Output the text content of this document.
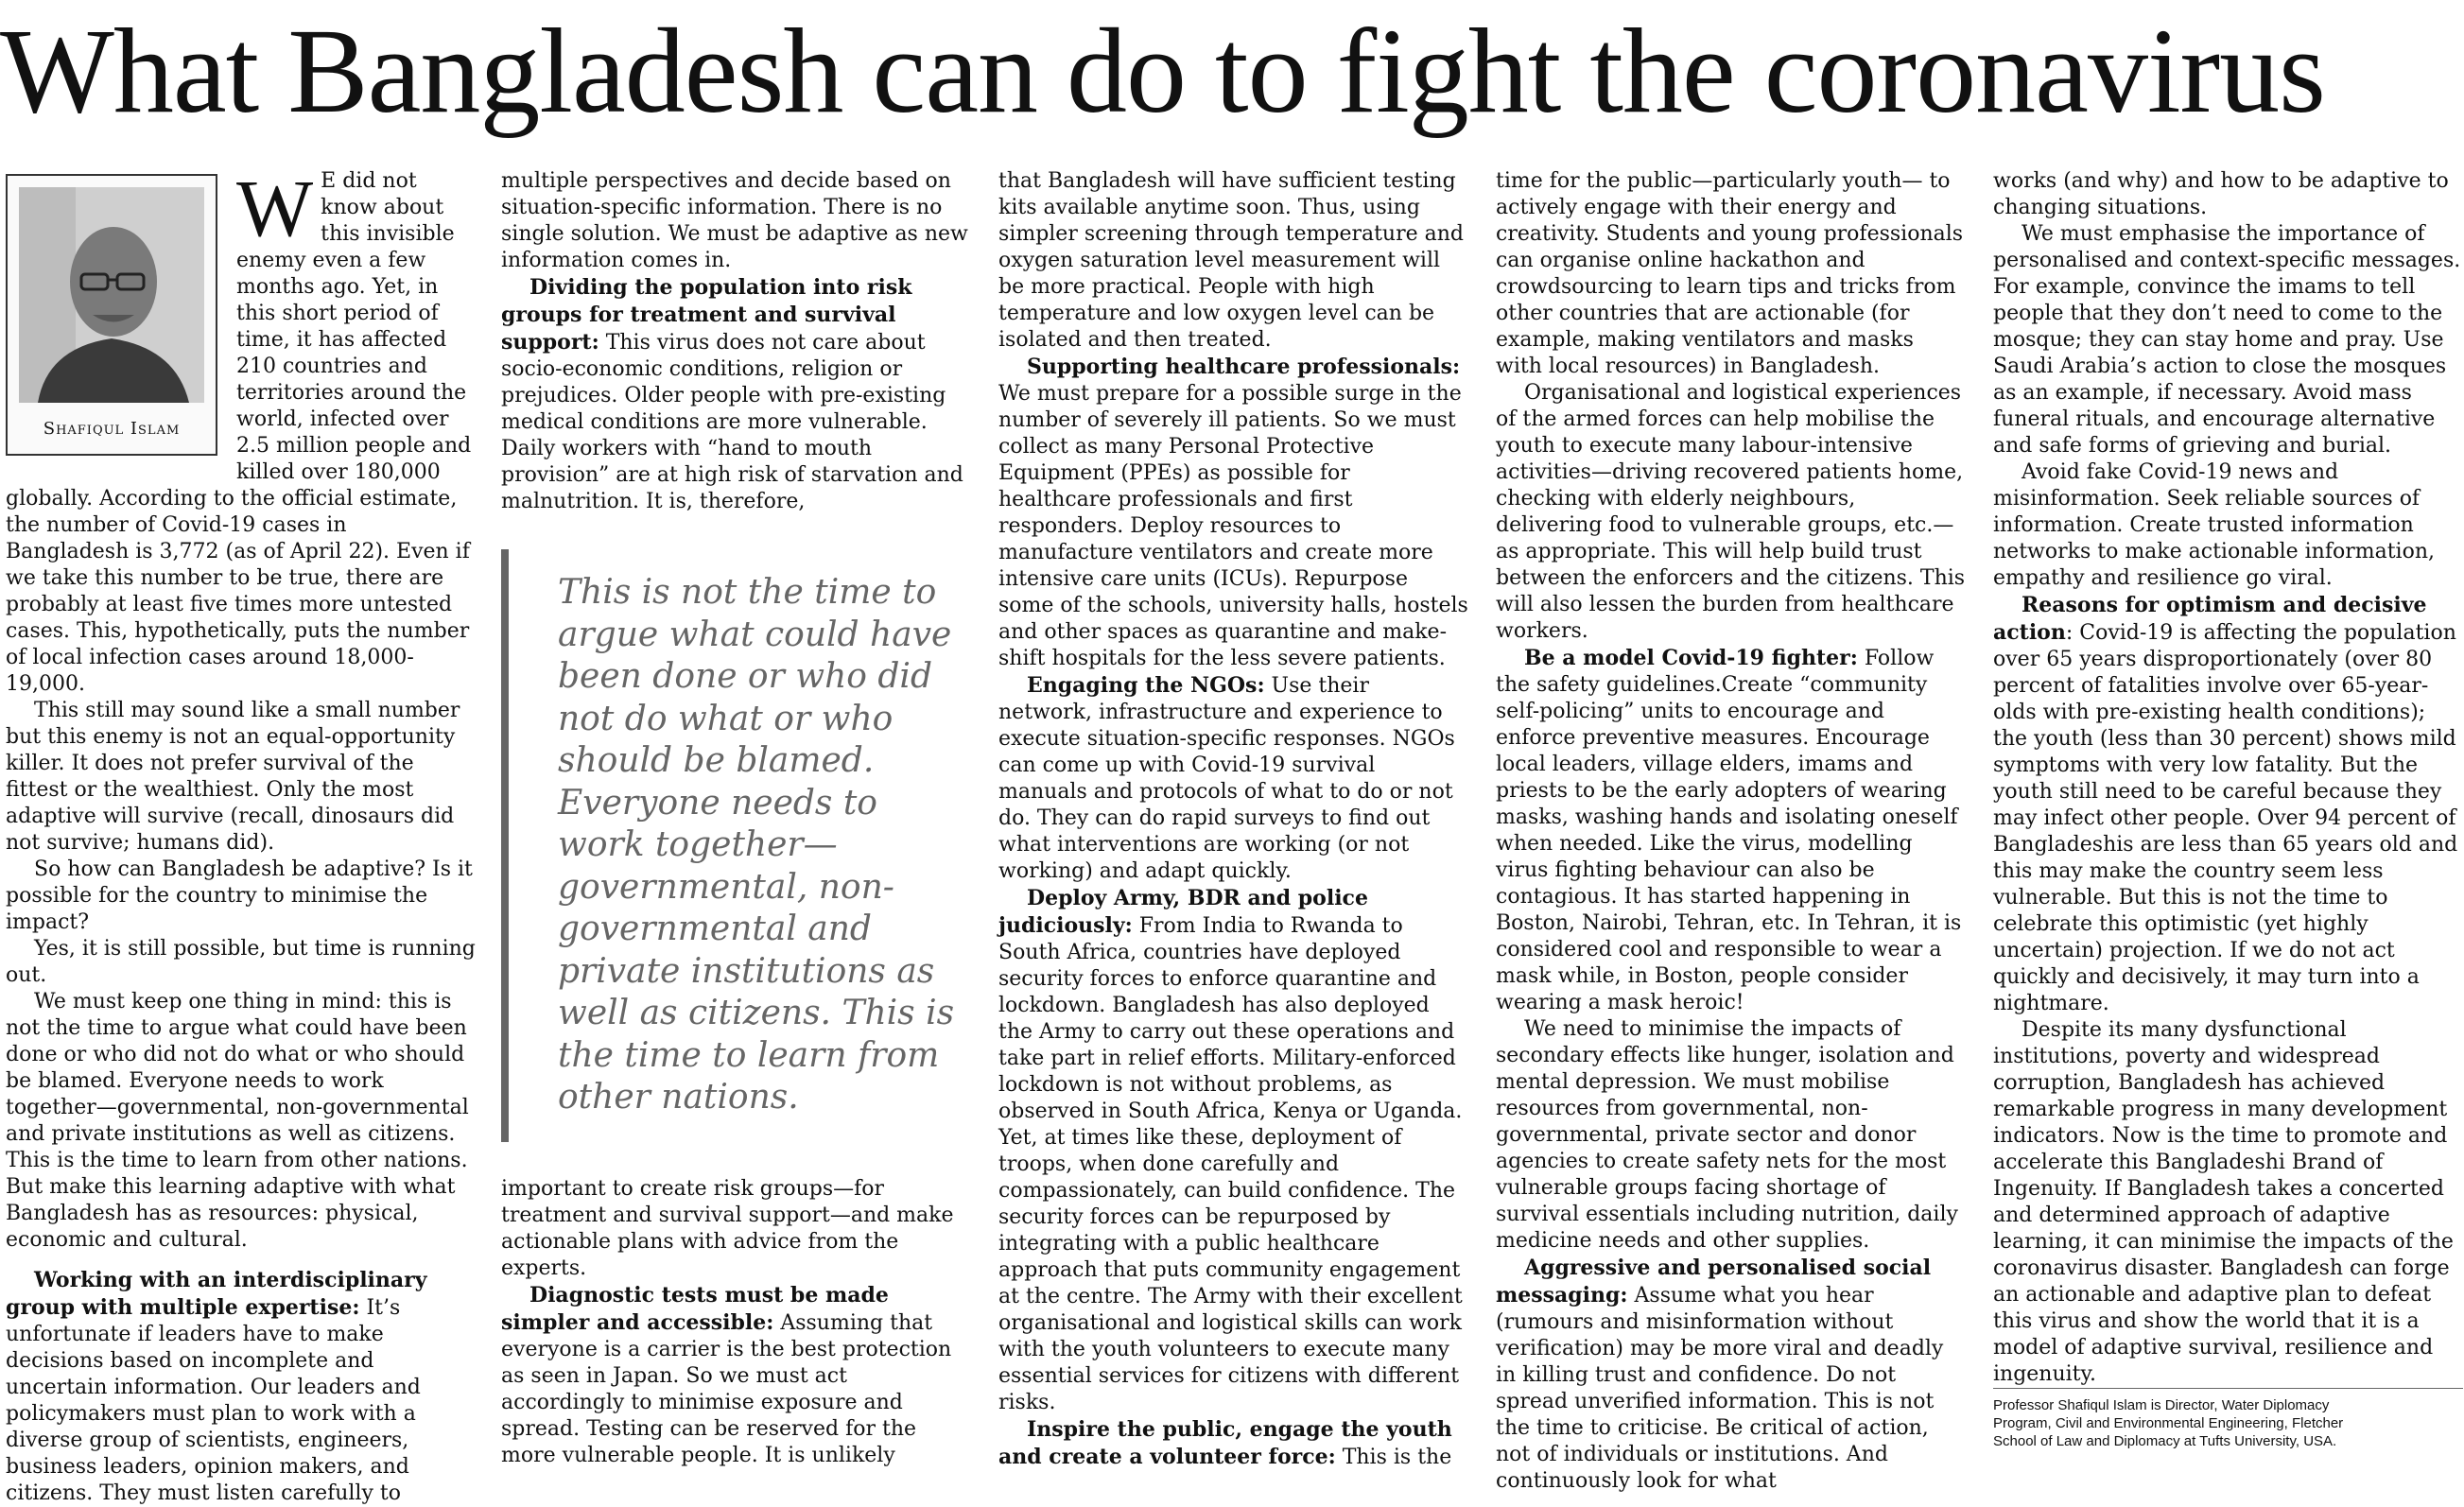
What Bangladesh can do to fight the coronavirus
Shafiqul Islam

W E did not know about this invisible enemy even a few months ago. Yet, in this short period of time, it has affected 210 countries and territories around the world, infected over 2.5 million people and killed over 180,000 globally. According to the official estimate, the number of Covid-19 cases in Bangladesh is 3,772 (as of April 22). Even if we take this number to be true, there are probably at least five times more untested cases. This, hypothetically, puts the number of local infection cases around 18,000-19,000.

This still may sound like a small number but this enemy is not an equal-opportunity killer. It does not prefer survival of the fittest or the wealthiest. Only the most adaptive will survive (recall, dinosaurs did not survive; humans did).

So how can Bangladesh be adaptive? Is it possible for the country to minimise the impact?

Yes, it is still possible, but time is running out.

We must keep one thing in mind: this is not the time to argue what could have been done or who did not do what or who should be blamed. Everyone needs to work together—governmental, non-governmental and private institutions as well as citizens. This is the time to learn from other nations. But make this learning adaptive with what Bangladesh has as resources: physical, economic and cultural.

Working with an interdisciplinary group with multiple expertise: It’s unfortunate if leaders have to make decisions based on incomplete and uncertain information. Our leaders and policymakers must plan to work with a diverse group of scientists, engineers, business leaders, opinion makers, and citizens. They must listen carefully to

multiple perspectives and decide based on situation-specific information. There is no single solution. We must be adaptive as new information comes in.

Dividing the population into risk groups for treatment and survival support: This virus does not care about socio-economic conditions, religion or prejudices. Older people with pre-existing medical conditions are more vulnerable. Daily workers with “hand to mouth provision” are at high risk of starvation and malnutrition. It is, therefore,

This is not the time to argue what could have been done or who did not do what or who should be blamed. Everyone needs to work together— governmental, non-governmental and private institutions as well as citizens. This is the time to learn from other nations.

important to create risk groups—for treatment and survival support—and make actionable plans with advice from the experts.

Diagnostic tests must be made simpler and accessible: Assuming that everyone is a carrier is the best protection as seen in Japan. So we must act accordingly to minimise exposure and spread. Testing can be reserved for the more vulnerable people. It is unlikely

that Bangladesh will have sufficient testing kits available anytime soon. Thus, using simpler screening through temperature and oxygen saturation level measurement will be more practical. People with high temperature and low oxygen level can be isolated and then treated.

Supporting healthcare professionals: We must prepare for a possible surge in the number of severely ill patients. So we must collect as many Personal Protective Equipment (PPEs) as possible for healthcare professionals and first responders. Deploy resources to manufacture ventilators and create more intensive care units (ICUs). Repurpose some of the schools, university halls, hostels and other spaces as quarantine and make-shift hospitals for the less severe patients.

Engaging the NGOs: Use their network, infrastructure and experience to execute situation-specific responses. NGOs can come up with Covid-19 survival manuals and protocols of what to do or not do. They can do rapid surveys to find out what interventions are working (or not working) and adapt quickly.

Deploy Army, BDR and police judiciously: From India to Rwanda to South Africa, countries have deployed security forces to enforce quarantine and lockdown. Bangladesh has also deployed the Army to carry out these operations and take part in relief efforts. Military-enforced lockdown is not without problems, as observed in South Africa, Kenya or Uganda. Yet, at times like these, deployment of troops, when done carefully and compassionately, can build confidence. The security forces can be repurposed by integrating with a public healthcare approach that puts community engagement at the centre. The Army with their excellent organisational and logistical skills can work with the youth volunteers to execute many essential services for citizens with different risks.

Inspire the public, engage the youth and create a volunteer force: This is the

time for the public—particularly youth— to actively engage with their energy and creativity. Students and young professionals can organise online hackathon and crowdsourcing to learn tips and tricks from other countries that are actionable (for example, making ventilators and masks with local resources) in Bangladesh.

Organisational and logistical experiences of the armed forces can help mobilise the youth to execute many labour-intensive activities—driving recovered patients home, checking with elderly neighbours, delivering food to vulnerable groups, etc.— as appropriate. This will help build trust between the enforcers and the citizens. This will also lessen the burden from healthcare workers.

Be a model Covid-19 fighter: Follow the safety guidelines.Create “community self-policing” units to encourage and enforce preventive measures. Encourage local leaders, village elders, imams and priests to be the early adopters of wearing masks, washing hands and isolating oneself when needed. Like the virus, modelling virus fighting behaviour can also be contagious. It has started happening in Boston, Nairobi, Tehran, etc. In Tehran, it is considered cool and responsible to wear a mask while, in Boston, people consider wearing a mask heroic!

We need to minimise the impacts of secondary effects like hunger, isolation and mental depression. We must mobilise resources from governmental, non-governmental, private sector and donor agencies to create safety nets for the most vulnerable groups facing shortage of survival essentials including nutrition, daily medicine needs and other supplies.

Aggressive and personalised social messaging: Assume what you hear (rumours and misinformation without verification) may be more viral and deadly in killing trust and confidence. Do not spread unverified information. This is not the time to criticise. Be critical of action, not of individuals or institutions. And continuously look for what

works (and why) and how to be adaptive to changing situations.

We must emphasise the importance of personalised and context-specific messages. For example, convince the imams to tell people that they don’t need to come to the mosque; they can stay home and pray. Use Saudi Arabia’s action to close the mosques as an example, if necessary. Avoid mass funeral rituals, and encourage alternative and safe forms of grieving and burial.

Avoid fake Covid-19 news and misinformation. Seek reliable sources of information. Create trusted information networks to make actionable information, empathy and resilience go viral.

Reasons for optimism and decisive action: Covid-19 is affecting the population over 65 years disproportionately (over 80 percent of fatalities involve over 65-year-olds with pre-existing health conditions); the youth (less than 30 percent) shows mild symptoms with very low fatality. But the youth still need to be careful because they may infect other people. Over 94 percent of Bangladeshis are less than 65 years old and this may make the country seem less vulnerable. But this is not the time to celebrate this optimistic (yet highly uncertain) projection. If we do not act quickly and decisively, it may turn into a nightmare.

Despite its many dysfunctional institutions, poverty and widespread corruption, Bangladesh has achieved remarkable progress in many development indicators. Now is the time to promote and accelerate this Bangladeshi Brand of Ingenuity. If Bangladesh takes a concerted and determined approach of adaptive learning, it can minimise the impacts of the coronavirus disaster. Bangladesh can forge an actionable and adaptive plan to defeat this virus and show the world that it is a model of adaptive survival, resilience and ingenuity.

Professor Shafiqul Islam is Director, Water Diplomacy
Program, Civil and Environmental Engineering, Fletcher
School of Law and Diplomacy at Tufts University, USA.
